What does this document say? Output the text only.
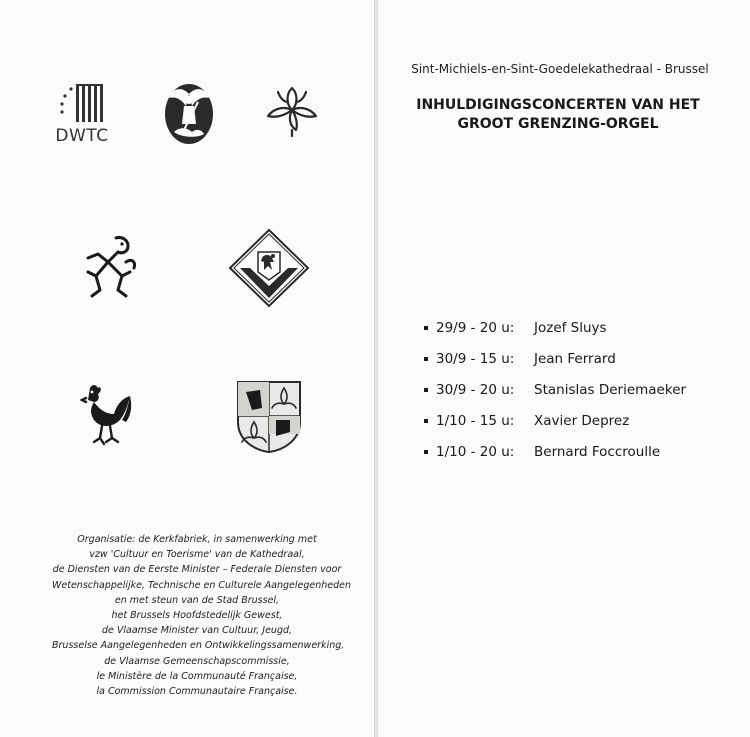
DWTC
Organisatie: de Kerkfabriek, in samenwerking met
vzw 'Cultuur en Toerisme' van de Kathedraal,
de Diensten van de Eerste Minister – Federale Diensten voor
Wetenschappelijke, Technische en Culturele Aangelegenheden
en met steun van de Stad Brussel,
het Brussels Hoofdstedelijk Gewest,
de Vlaamse Minister van Cultuur, Jeugd,
Brusselse Aangelegenheden en Ontwikkelingssamenwerking,
de Vlaamse Gemeenschapscommissie,
le Ministère de la Communauté Française,
la Commission Communautaire Française.
Sint-Michiels-en-Sint-Goedelekathedraal - Brussel
INHULDIGINGSCONCERTEN VAN HET
GROOT GRENZING-ORGEL
29/9 - 20 u:	Jozef Sluys
30/9 - 15 u:	Jean Ferrard
30/9 - 20 u:	Stanislas Deriemaeker
1/10 - 15 u:	Xavier Deprez
1/10 - 20 u:	Bernard Foccroulle
